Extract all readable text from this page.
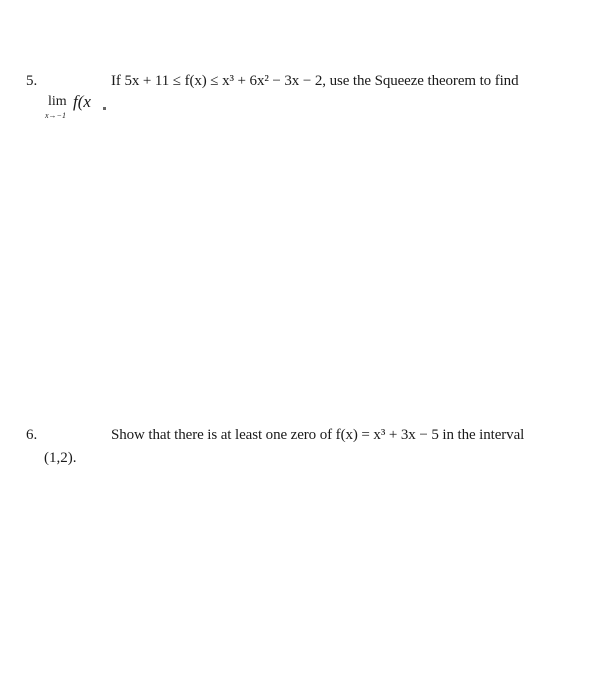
5.	If 5x + 11 ≤ f(x) ≤ x³ + 6x² − 3x − 2, use the Squeeze theorem to find
lim f(x
x→−1
6.	Show that there is at least one zero of f(x) = x³ + 3x − 5 in the interval
(1,2).
